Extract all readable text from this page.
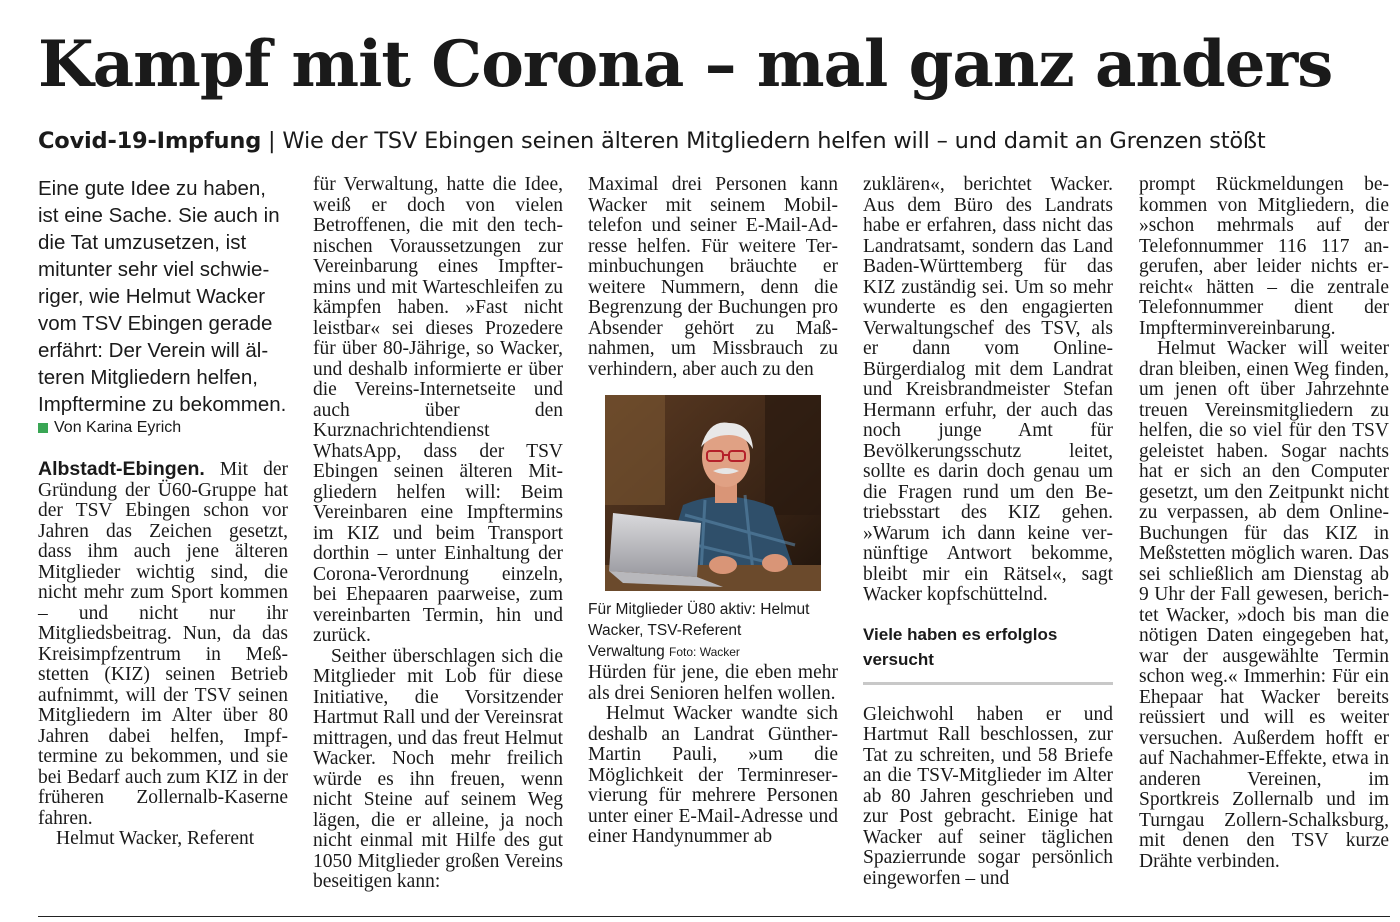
Kampf mit Corona – mal ganz anders
Covid-19-Impfung | Wie der TSV Ebingen seinen älteren Mitgliedern helfen will – und damit an Grenzen stößt

Eine gute Idee zu haben, ist eine Sache. Sie auch in die Tat umzusetzen, ist mitunter sehr viel schwieriger, wie Helmut Wacker vom TSV Ebingen gerade erfährt: Der Verein will älteren Mitgliedern helfen, Impftermine zu bekommen.

Von Karina Eyrich

Albstadt-Ebingen. Mit der Gründung der Ü60-Gruppe hat der TSV Ebingen schon vor Jahren das Zeichen gesetzt, dass ihm auch jene älteren Mitglieder wichtig sind, die nicht mehr zum Sport kommen – und nicht nur ihr Mitgliedsbeitrag. Nun, da das Kreisimpfzentrum in Meßstetten (KIZ) seinen Betrieb aufnimmt, will der TSV seinen Mitgliedern im Alter über 80 Jahren dabei helfen, Impftermine zu bekommen, und sie bei Bedarf auch zum KIZ in der früheren Zollernalb-Kaserne fahren.

Helmut Wacker, Referent

für Verwaltung, hatte die Idee, weiß er doch von vielen Betroffenen, die mit den technischen Voraussetzungen zur Vereinbarung eines Impftermins und mit Warteschleifen zu kämpfen haben. »Fast nicht leistbar« sei dieses Prozedere für über 80-Jährige, so Wacker, und deshalb informierte er über die Vereins-Internetseite und auch über den Kurznachrichtendienst WhatsApp, dass der TSV Ebingen seinen älteren Mitgliedern helfen will: Beim Vereinbaren eine Impftermins im KIZ und beim Transport dorthin – unter Einhaltung der Corona-Verordnung einzeln, bei Ehepaaren paarweise, zum vereinbarten Termin, hin und zurück.

Seither überschlagen sich die Mitglieder mit Lob für diese Initiative, die Vorsitzender Hartmut Rall und der Vereinsrat mittragen, und das freut Helmut Wacker. Noch mehr freilich würde es ihn freuen, wenn nicht Steine auf seinem Weg lägen, die er alleine, ja noch nicht einmal mit Hilfe des gut 1050 Mitglieder großen Vereins beseitigen kann:

Maximal drei Personen kann Wacker mit seinem Mobiltelefon und seiner E-Mail-Adresse helfen. Für weitere Terminbuchungen bräuchte er weitere Nummern, denn die Begrenzung der Buchungen pro Absender gehört zu Maßnahmen, um Missbrauch zu verhindern, aber auch zu den

Für Mitglieder Ü80 aktiv: Helmut Wacker, TSV-Referent Verwaltung Foto: Wacker

Hürden für jene, die eben mehr als drei Senioren helfen wollen.

Helmut Wacker wandte sich deshalb an Landrat Günther-Martin Pauli, »um die Möglichkeit der Terminreservierung für mehrere Personen unter einer E-Mail-Adresse und einer Handynummer ab

zuklären«, berichtet Wacker. Aus dem Büro des Landrats habe er erfahren, dass nicht das Landratsamt, sondern das Land Baden-Württemberg für das KIZ zuständig sei. Um so mehr wunderte es den engagierten Verwaltungschef des TSV, als er dann vom Online-Bürgerdialog mit dem Landrat und Kreisbrandmeister Stefan Hermann erfuhr, der auch das noch junge Amt für Bevölkerungsschutz leitet, sollte es darin doch genau um die Fragen rund um den Betriebsstart des KIZ gehen. »Warum ich dann keine vernünftige Antwort bekomme, bleibt mir ein Rätsel«, sagt Wacker kopfschüttelnd.

Viele haben es erfolglos versucht

Gleichwohl haben er und Hartmut Rall beschlossen, zur Tat zu schreiten, und 58 Briefe an die TSV-Mitglieder im Alter ab 80 Jahren geschrieben und zur Post gebracht. Einige hat Wacker auf seiner täglichen Spazierrunde sogar persönlich eingeworfen – und

prompt Rückmeldungen bekommen von Mitgliedern, die »schon mehrmals auf der Telefonnummer 116 117 angerufen, aber leider nichts erreicht« hätten – die zentrale Telefonnummer dient der Impfterminvereinbarung.

Helmut Wacker will weiter dran bleiben, einen Weg finden, um jenen oft über Jahrzehnte treuen Vereinsmitgliedern zu helfen, die so viel für den TSV geleistet haben. Sogar nachts hat er sich an den Computer gesetzt, um den Zeitpunkt nicht zu verpassen, ab dem Online-Buchungen für das KIZ in Meßstetten möglich waren. Das sei schließlich am Dienstag ab 9 Uhr der Fall gewesen, berichtet Wacker, »doch bis man die nötigen Daten eingegeben hat, war der ausgewählte Termin schon weg.« Immerhin: Für ein Ehepaar hat Wacker bereits reüssiert und will es weiter versuchen. Außerdem hofft er auf Nachahmer-Effekte, etwa in anderen Vereinen, im Sportkreis Zollernalb und im Turngau Zollern-Schalksburg, mit denen den TSV kurze Drähte verbinden.
